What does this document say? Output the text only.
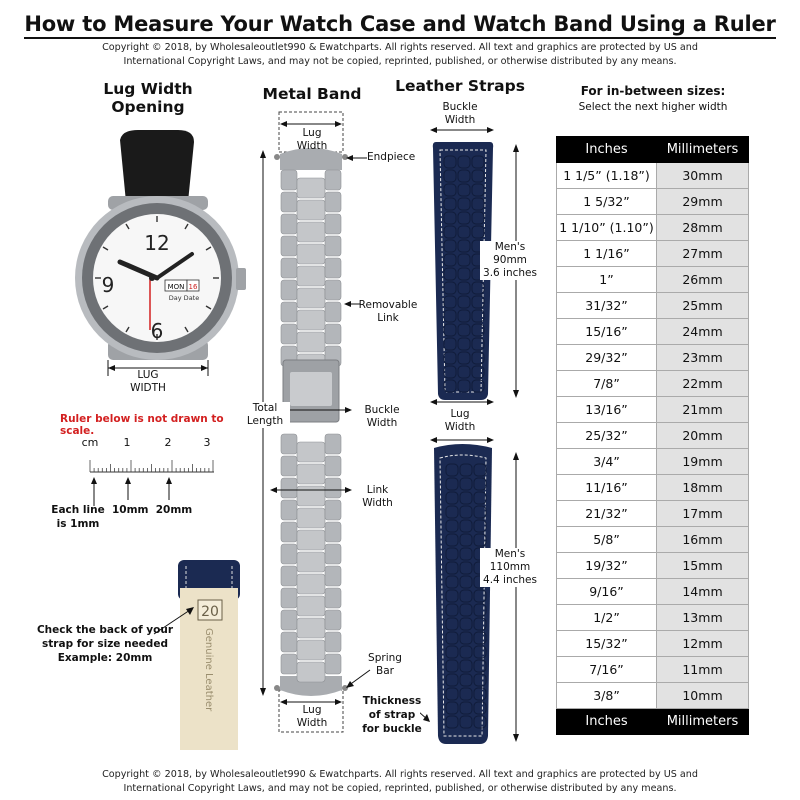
How to Measure Your Watch Case and Watch Band Using a Ruler
Copyright © 2018, by Wholesaleoutlet990 & Ewatchparts. All rights reserved. All text and graphics are protected by US and
International Copyright Laws, and may not be copied, reprinted, published, or otherwise distributed by any means.
Lug Width
Opening
12
9
6
MON 16
Day Date
LUG
WIDTH
Ruler below is not drawn to scale.
cm	1	2	3
Each line
is 1mm
10mm 20mm
20
Genuine Leather
Check the back of your
strap for size needed
Example: 20mm
Metal Band
Lug
Width
Endpiece
Removable
Link
Total
Length
Buckle
Width
Link
Width
Spring
Bar
Lug
Width
Leather Straps
Buckle
Width
Men's
90mm
3.6 inches
Lug
Width
Men's
110mm
4.4 inches
Thickness
of strap
for buckle
For in-between sizes:
Select the next higher width
Inches	Millimeters
1 1/5” (1.18”)	30mm
1 5/32”	29mm
1 1/10” (1.10”)	28mm
1 1/16”	27mm
1”	26mm
31/32”	25mm
15/16”	24mm
29/32”	23mm
7/8”	22mm
13/16”	21mm
25/32”	20mm
3/4”	19mm
11/16”	18mm
21/32”	17mm
5/8”	16mm
19/32”	15mm
9/16”	14mm
1/2”	13mm
15/32”	12mm
7/16”	11mm
3/8”	10mm
Inches	Millimeters
Copyright © 2018, by Wholesaleoutlet990 & Ewatchparts. All rights reserved. All text and graphics are protected by US and
International Copyright Laws, and may not be copied, reprinted, published, or otherwise distributed by any means.
